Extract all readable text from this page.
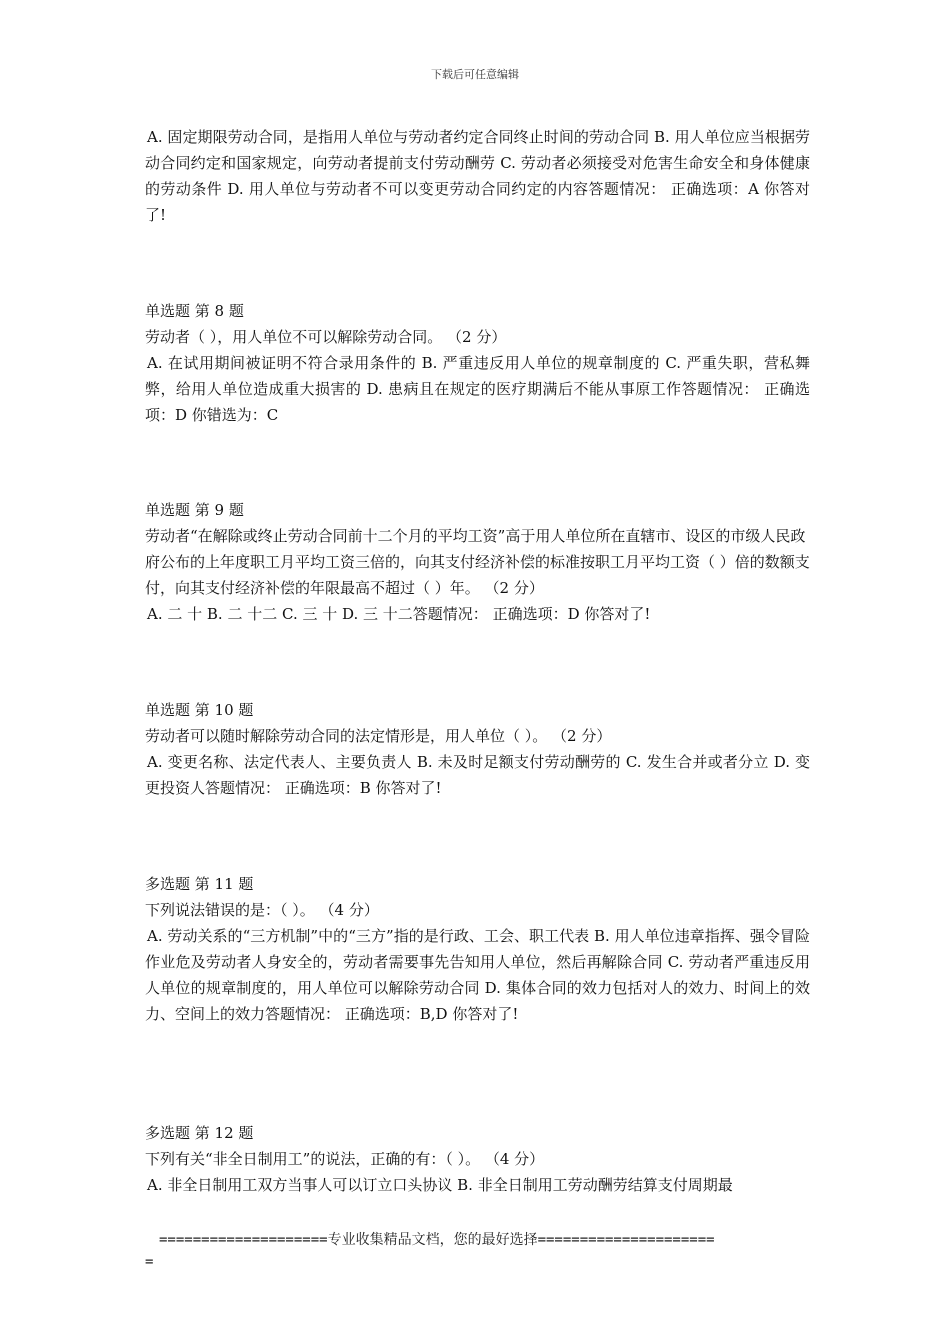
下载后可任意编辑

A. 固定期限劳动合同，是指用人单位与劳动者约定合同终止时间的劳动合同 B. 用人单位应当根据劳动合同约定和国家规定，向劳动者提前支付劳动酬劳 C. 劳动者必须接受对危害生命安全和身体健康的劳动条件 D. 用人单位与劳动者不可以变更劳动合同约定的内容答题情况： 正确选项：A 你答对了!

单选题 第 8 题

劳动者（ ），用人单位不可以解除劳动合同。 （2 分）

A. 在试用期间被证明不符合录用条件的 B. 严重违反用人单位的规章制度的 C. 严重失职，营私舞弊，给用人单位造成重大损害的 D. 患病且在规定的医疗期满后不能从事原工作答题情况： 正确选项：D 你错选为：C

单选题 第 9 题

劳动者“在解除或终止劳动合同前十二个月的平均工资”高于用人单位所在直辖市、设区的市级人民政府公布的上年度职工月平均工资三倍的，向其支付经济补偿的标准按职工月平均工资（ ）倍的数额支付，向其支付经济补偿的年限最高不超过（ ）年。 （2 分）

A. 二 十 B. 二 十二 C. 三 十 D. 三 十二答题情况： 正确选项：D 你答对了!

单选题 第 10 题

劳动者可以随时解除劳动合同的法定情形是，用人单位（ ）。 （2 分）

A. 变更名称、法定代表人、主要负责人 B. 未及时足额支付劳动酬劳的 C. 发生合并或者分立 D. 变更投资人答题情况： 正确选项：B 你答对了!

多选题 第 11 题

下列说法错误的是：（ ）。 （4 分）

A. 劳动关系的“三方机制”中的“三方”指的是行政、工会、职工代表 B. 用人单位违章指挥、强令冒险作业危及劳动者人身安全的，劳动者需要事先告知用人单位，然后再解除合同 C. 劳动者严重违反用人单位的规章制度的，用人单位可以解除劳动合同 D. 集体合同的效力包括对人的效力、时间上的效力、空间上的效力答题情况： 正确选项：B,D 你答对了!

多选题 第 12 题

下列有关“非全日制用工”的说法，正确的有：（ ）。 （4 分）

A. 非全日制用工双方当事人可以订立口头协议 B. 非全日制用工劳动酬劳结算支付周期最

====================专业收集精品文档，您的最好选择=====================
=
